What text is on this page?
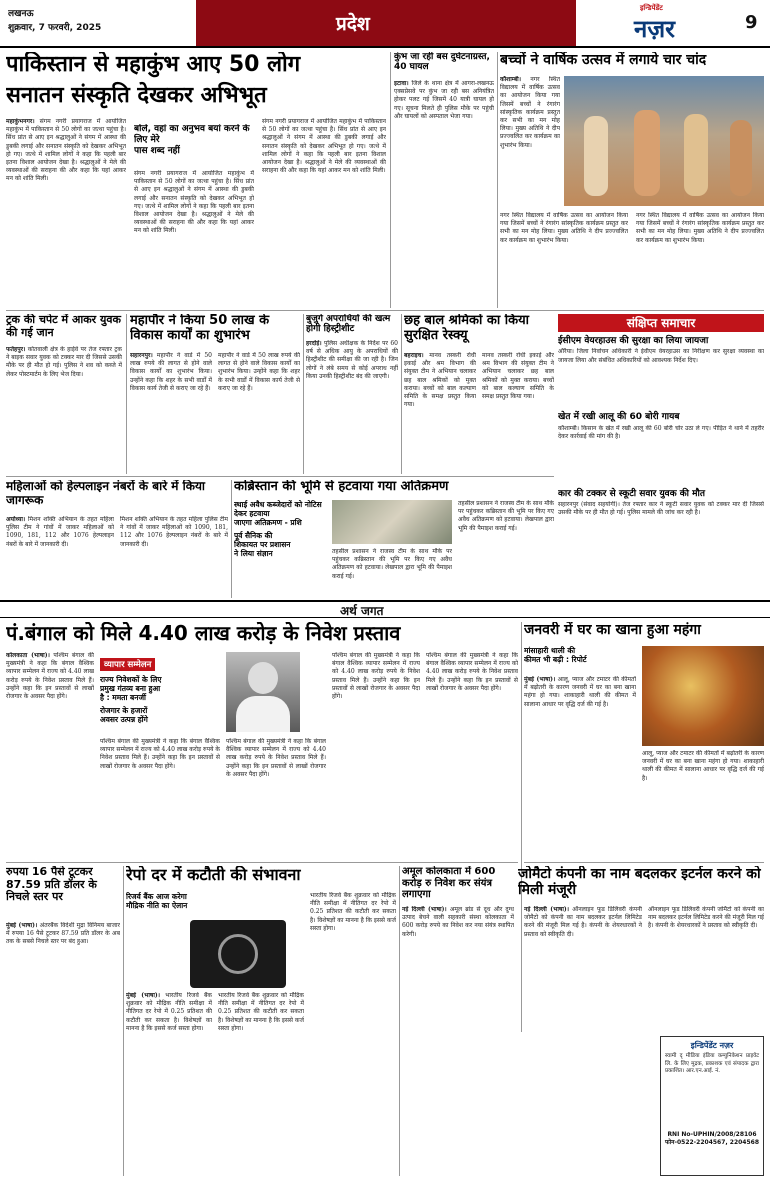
लखनऊ
शुक्रवार, 7 फरवरी, 2025	प्रदेश
इन्डिपेंडेंट
नज़र	9
पाकिस्तान से महाकुंभ आए 50 लोग
सनातन संस्कृति देखकर अभिभूत
महाकुंभनगर। संगम नगरी प्रयागराज में आयोजित महाकुंभ में पाकिस्तान से 50 लोगों का जत्था पहुंचा है। सिंध प्रांत से आए इन श्रद्धालुओं ने संगम में आस्था की डुबकी लगाई और सनातन संस्कृति को देखकर अभिभूत हो गए। जत्थे में शामिल लोगों ने कहा कि पहली बार इतना विशाल आयोजन देखा है। श्रद्धालुओं ने मेले की व्यवस्थाओं की सराहना की और कहा कि यहां आकर मन को शांति मिली।
बोले, वहां का अनुभव बयां करने के लिए मेरे
पास शब्द नहीं
संगम नगरी प्रयागराज में आयोजित महाकुंभ में पाकिस्तान से 50 लोगों का जत्था पहुंचा है। सिंध प्रांत से आए इन श्रद्धालुओं ने संगम में आस्था की डुबकी लगाई और सनातन संस्कृति को देखकर अभिभूत हो गए। जत्थे में शामिल लोगों ने कहा कि पहली बार इतना विशाल आयोजन देखा है। श्रद्धालुओं ने मेले की व्यवस्थाओं की सराहना की और कहा कि यहां आकर मन को शांति मिली।
संगम नगरी प्रयागराज में आयोजित महाकुंभ में पाकिस्तान से 50 लोगों का जत्था पहुंचा है। सिंध प्रांत से आए इन श्रद्धालुओं ने संगम में आस्था की डुबकी लगाई और सनातन संस्कृति को देखकर अभिभूत हो गए। जत्थे में शामिल लोगों ने कहा कि पहली बार इतना विशाल आयोजन देखा है। श्रद्धालुओं ने मेले की व्यवस्थाओं की सराहना की और कहा कि यहां आकर मन को शांति मिली।
कुंभ जा रही बस दुर्घटनाग्रस्त, 40 घायल
इटावा। जिले के थाना क्षेत्र में आगरा-लखनऊ एक्सप्रेसवे पर कुंभ जा रही बस अनियंत्रित होकर पलट गई जिसमें 40 यात्री घायल हो गए। सूचना मिलते ही पुलिस मौके पर पहुंची और घायलों को अस्पताल भेजा गया।
बच्चों ने वार्षिक उत्सव में लगाये चार चांद
कौशाम्बी। नगर स्थित विद्यालय में वार्षिक उत्सव का आयोजन किया गया जिसमें बच्चों ने रंगारंग सांस्कृतिक कार्यक्रम प्रस्तुत कर सभी का मन मोह लिया। मुख्य अतिथि ने दीप प्रज्ज्वलित कर कार्यक्रम का शुभारंभ किया।
नगर स्थित विद्यालय में वार्षिक उत्सव का आयोजन किया गया जिसमें बच्चों ने रंगारंग सांस्कृतिक कार्यक्रम प्रस्तुत कर सभी का मन मोह लिया। मुख्य अतिथि ने दीप प्रज्ज्वलित कर कार्यक्रम का शुभारंभ किया।
नगर स्थित विद्यालय में वार्षिक उत्सव का आयोजन किया गया जिसमें बच्चों ने रंगारंग सांस्कृतिक कार्यक्रम प्रस्तुत कर सभी का मन मोह लिया। मुख्य अतिथि ने दीप प्रज्ज्वलित कर कार्यक्रम का शुभारंभ किया।
ट्रक की चपेट में आकर युवक की गई जान
फतेहपुर। कोतवाली क्षेत्र के हाईवे पर तेज रफ्तार ट्रक ने बाइक सवार युवक को टक्कर मार दी जिससे उसकी मौके पर ही मौत हो गई। पुलिस ने शव को कब्जे में लेकर पोस्टमार्टम के लिए भेज दिया।
महापौर ने किया 50 लाख के विकास कार्यों का शुभारंभ
सहारनपुर। महापौर ने वार्ड में 50 लाख रुपये की लागत से होने वाले विकास कार्यों का शुभारंभ किया। उन्होंने कहा कि शहर के सभी वार्डों में विकास कार्य तेजी से कराए जा रहे हैं।
महापौर ने वार्ड में 50 लाख रुपये की लागत से होने वाले विकास कार्यों का शुभारंभ किया। उन्होंने कहा कि शहर के सभी वार्डों में विकास कार्य तेजी से कराए जा रहे हैं।
बुजुर्ग अपराधियों की खत्म होगी हिस्ट्रीशीट
हरदोई। पुलिस अधीक्षक के निर्देश पर 60 वर्ष से अधिक आयु के अपराधियों की हिस्ट्रीशीट की समीक्षा की जा रही है। जिन लोगों ने लंबे समय से कोई अपराध नहीं किया उनकी हिस्ट्रीशीट बंद की जाएगी।
छह बाल श्रमिकों का किया सुरक्षित रेस्क्यू
बहराइच। मानव तस्करी रोधी इकाई और श्रम विभाग की संयुक्त टीम ने अभियान चलाकर छह बाल श्रमिकों को मुक्त कराया। बच्चों को बाल कल्याण समिति के समक्ष प्रस्तुत किया गया।
मानव तस्करी रोधी इकाई और श्रम विभाग की संयुक्त टीम ने अभियान चलाकर छह बाल श्रमिकों को मुक्त कराया। बच्चों को बाल कल्याण समिति के समक्ष प्रस्तुत किया गया।
संक्षिप्त समाचार
ईसीएम वेयरहाउस की सुरक्षा का लिया जायजा
औरैया। जिला निर्वाचन अधिकारी ने ईवीएम वेयरहाउस का निरीक्षण कर सुरक्षा व्यवस्था का जायजा लिया और संबंधित अधिकारियों को आवश्यक निर्देश दिए।
खेत में रखी आलू की 60 बोरी गायब
कौशाम्बी। किसान के खेत में रखी आलू की 60 बोरी चोर उठा ले गए। पीड़ित ने थाने में तहरीर देकर कार्रवाई की मांग की है।
कार की टक्कर से स्कूटी सवार युवक की मौत
सहारनपुर (संवाद सहयोगी)। तेज रफ्तार कार ने स्कूटी सवार युवक को टक्कर मार दी जिससे उसकी मौके पर ही मौत हो गई। पुलिस मामले की जांच कर रही है।
महिलाओं को हेल्पलाइन नंबरों के बारे में किया जागरूक
अयोध्या। मिशन शक्ति अभियान के तहत महिला पुलिस टीम ने गांवों में जाकर महिलाओं को 1090, 181, 112 और 1076 हेल्पलाइन नंबरों के बारे में जानकारी दी।
मिशन शक्ति अभियान के तहत महिला पुलिस टीम ने गांवों में जाकर महिलाओं को 1090, 181, 112 और 1076 हेल्पलाइन नंबरों के बारे में जानकारी दी।
कब्रिस्तान की भूमि से हटवाया गया अतिक्रमण
स्थाई अवैध कब्जेदारों को नोटिस देकर हटवाया
जाएगा अतिक्रमण - प्रशि
पूर्व सैनिक की
शिकायत पर प्रशासन
ने लिया संज्ञान	तहसील प्रशासन ने राजस्व टीम के साथ मौके पर पहुंचकर कब्रिस्तान की भूमि पर किए गए अवैध अतिक्रमण को हटवाया। लेखपाल द्वारा भूमि की पैमाइश कराई गई।
तहसील प्रशासन ने राजस्व टीम के साथ मौके पर पहुंचकर कब्रिस्तान की भूमि पर किए गए अवैध अतिक्रमण को हटवाया। लेखपाल द्वारा भूमि की पैमाइश कराई गई।
अर्थ जगत
पं.बंगाल को मिले 4.40 लाख करोड़ के निवेश प्रस्ताव
कोलकाता (भाषा)। पश्चिम बंगाल की मुख्यमंत्री ने कहा कि बंगाल वैश्विक व्यापार सम्मेलन में राज्य को 4.40 लाख करोड़ रुपये के निवेश प्रस्ताव मिले हैं। उन्होंने कहा कि इन प्रस्तावों से लाखों रोजगार के अवसर पैदा होंगे।
व्यापार सम्मेलन
राज्य निवेशकों के लिए
प्रमुख गंतव्य बना हुआ
है : ममता बनर्जी
रोजगार के हजारों
अवसर उत्पन्न होंगे
पश्चिम बंगाल की मुख्यमंत्री ने कहा कि बंगाल वैश्विक व्यापार सम्मेलन में राज्य को 4.40 लाख करोड़ रुपये के निवेश प्रस्ताव मिले हैं। उन्होंने कहा कि इन प्रस्तावों से लाखों रोजगार के अवसर पैदा होंगे।
पश्चिम बंगाल की मुख्यमंत्री ने कहा कि बंगाल वैश्विक व्यापार सम्मेलन में राज्य को 4.40 लाख करोड़ रुपये के निवेश प्रस्ताव मिले हैं। उन्होंने कहा कि इन प्रस्तावों से लाखों रोजगार के अवसर पैदा होंगे।
पश्चिम बंगाल की मुख्यमंत्री ने कहा कि बंगाल वैश्विक व्यापार सम्मेलन में राज्य को 4.40 लाख करोड़ रुपये के निवेश प्रस्ताव मिले हैं। उन्होंने कहा कि इन प्रस्तावों से लाखों रोजगार के अवसर पैदा होंगे।
पश्चिम बंगाल की मुख्यमंत्री ने कहा कि बंगाल वैश्विक व्यापार सम्मेलन में राज्य को 4.40 लाख करोड़ रुपये के निवेश प्रस्ताव मिले हैं। उन्होंने कहा कि इन प्रस्तावों से लाखों रोजगार के अवसर पैदा होंगे।
जनवरी में घर का खाना हुआ महंगा
मांसाहारी थाली की
कीमत भी बढ़ी : रिपोर्ट
मुंबई (भाषा)। आलू, प्याज और टमाटर की कीमतों में बढ़ोतरी के कारण जनवरी में घर का बना खाना महंगा हो गया। शाकाहारी थाली की कीमत में सालाना आधार पर वृद्धि दर्ज की गई है।
आलू, प्याज और टमाटर की कीमतों में बढ़ोतरी के कारण जनवरी में घर का बना खाना महंगा हो गया। शाकाहारी थाली की कीमत में सालाना आधार पर वृद्धि दर्ज की गई है।
रुपया 16 पैसे टूटकर 87.59 प्रति डॉलर के निचले स्तर पर
मुंबई (भाषा)। अंतरबैंक विदेशी मुद्रा विनिमय बाजार में रुपया 16 पैसे टूटकर 87.59 प्रति डॉलर के अब तक के सबसे निचले स्तर पर बंद हुआ।
रेपो दर में कटौती की संभावना
रिजर्व बैंक आज करेगा
मौद्रिक नीति का ऐलान
मुंबई (भाषा)। भारतीय रिजर्व बैंक शुक्रवार को मौद्रिक नीति समीक्षा में नीतिगत दर रेपो में 0.25 प्रतिशत की कटौती कर सकता है। विशेषज्ञों का मानना है कि इससे कर्ज सस्ता होगा।
भारतीय रिजर्व बैंक शुक्रवार को मौद्रिक नीति समीक्षा में नीतिगत दर रेपो में 0.25 प्रतिशत की कटौती कर सकता है। विशेषज्ञों का मानना है कि इससे कर्ज सस्ता होगा।
भारतीय रिजर्व बैंक शुक्रवार को मौद्रिक नीति समीक्षा में नीतिगत दर रेपो में 0.25 प्रतिशत की कटौती कर सकता है। विशेषज्ञों का मानना है कि इससे कर्ज सस्ता होगा।
अमूल कोलकाता में 600 करोड़ रु निवेश कर संयंत्र लगाएगा
नई दिल्ली (भाषा)। अमूल ब्रांड से दूध और दुग्ध उत्पाद बेचने वाली सहकारी संस्था कोलकाता में 600 करोड़ रुपये का निवेश कर नया संयंत्र स्थापित करेगी।
जोमैटो कंपनी का नाम बदलकर इटर्नल करने को मिली मंजूरी
नई दिल्ली (भाषा)। ऑनलाइन फूड डिलिवरी कंपनी जोमैटो को कंपनी का नाम बदलकर इटर्नल लिमिटेड करने की मंजूरी मिल गई है। कंपनी के शेयरधारकों ने प्रस्ताव को स्वीकृति दी।
ऑनलाइन फूड डिलिवरी कंपनी जोमैटो को कंपनी का नाम बदलकर इटर्नल लिमिटेड करने की मंजूरी मिल गई है। कंपनी के शेयरधारकों ने प्रस्ताव को स्वीकृति दी।
इन्डिपेंडेंट नज़र
स्वामी दृ मीडिया इंडिया कम्युनिकेशन प्राइवेट लि. के लिए मुद्रक, प्रकाशक एवं संपादक द्वारा प्रकाशित। आर.एन.आई. नं.
RNI No-UPHIN/2008/28106
फोन-0522-2204567, 2204568
